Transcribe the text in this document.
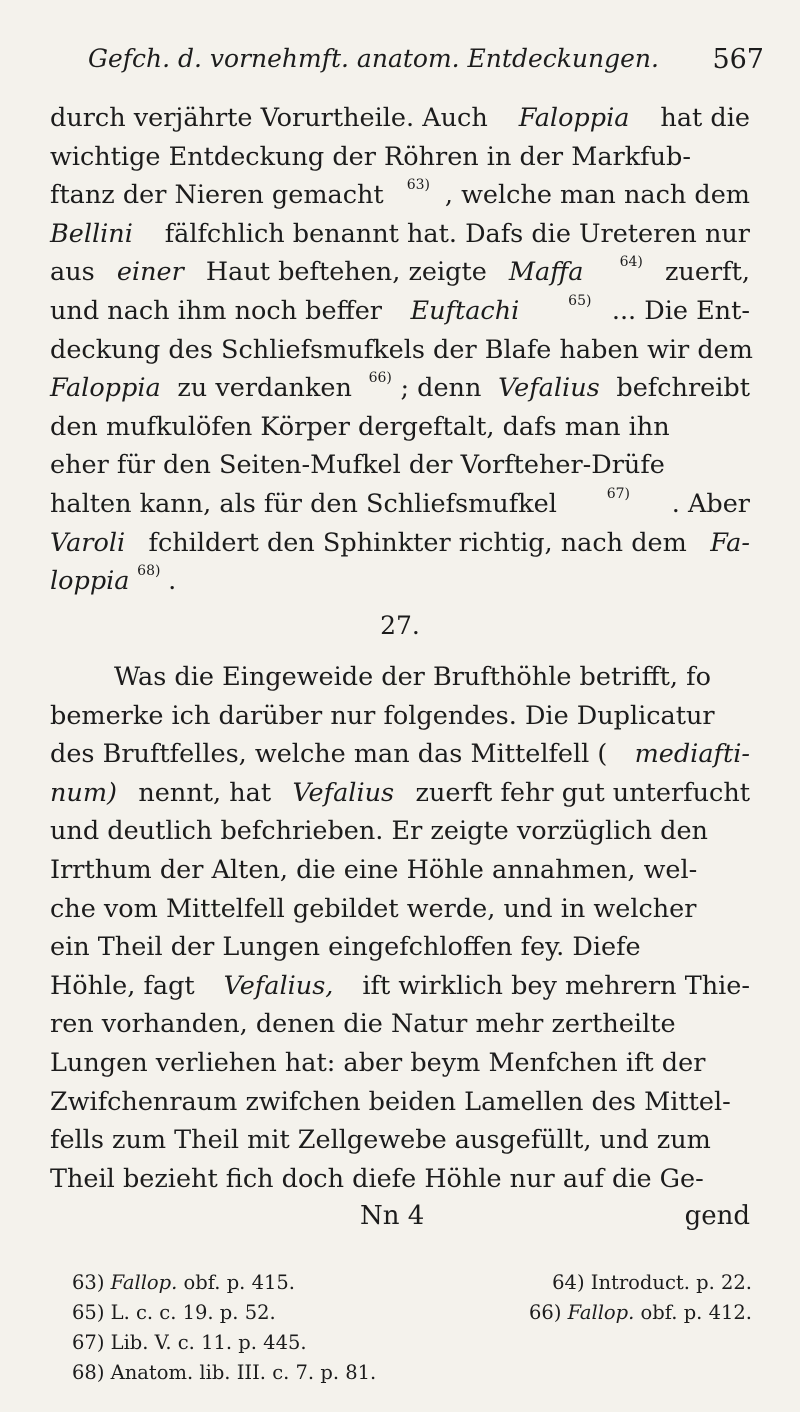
Gefch. d. vornehmft. anatom. Entdeckungen. 567
durch verjährte Vorurtheile. Auch Faloppia hat die
wichtige Entdeckung der Röhren in der Markfub-
ftanz der Nieren gemacht $^{63)}$ , welche man nach dem
Bellini fälfchlich benannt hat. Dafs die Ureteren nur
aus einer Haut beftehen, zeigte Maffa
	$^{64)}$ zuerft,
und nach ihm noch beffer Euftachi
	$^{65)}$ ... Die Ent-
deckung des Schliefsmufkels der Blafe haben wir dem
Faloppia zu verdanken $^{66)}$ ; denn Vefalius befchreibt
den mufkulöfen Körper dergeftalt, dafs man ihn
eher für den Seiten-Mufkel der Vorfteher-Drüfe
halten kann, als für den Schliefsmufkel	$^{67)}$ . Aber
Varoli fchildert den Sphinkter richtig, nach dem Fa-
loppia $^{68)}$ .
27.
Was die Eingeweide der Brufthöhle betrifft, fo
bemerke ich darüber nur folgendes. Die Duplicatur
des Bruftfelles, welche man das Mittelfell ( mediafti-
num) nennt, hat Vefalius zuerft fehr gut unterfucht
und deutlich befchrieben. Er zeigte vorzüglich den
Irrthum der Alten, die eine Höhle annahmen, wel-
che vom Mittelfell gebildet werde, und in welcher
ein Theil der Lungen eingefchloffen fey. Diefe
Höhle, fagt Vefalius, ift wirklich bey mehrern Thie-
ren vorhanden, denen die Natur mehr zertheilte
Lungen verliehen hat: aber beym Menfchen ift der
Zwifchenraum zwifchen beiden Lamellen des Mittel-
fells zum Theil mit Zellgewebe ausgefüllt, und zum
Theil bezieht fich doch diefe Höhle nur auf die Ge-
Nn 4	gend
63) Fallop. obf. p. 415.	64) Introduct. p. 22.
65) L. c. c. 19. p. 52.	66) Fallop. obf. p. 412.
67) Lib. V. c. 11. p. 445.
68) Anatom. lib. III. c. 7. p. 81.
